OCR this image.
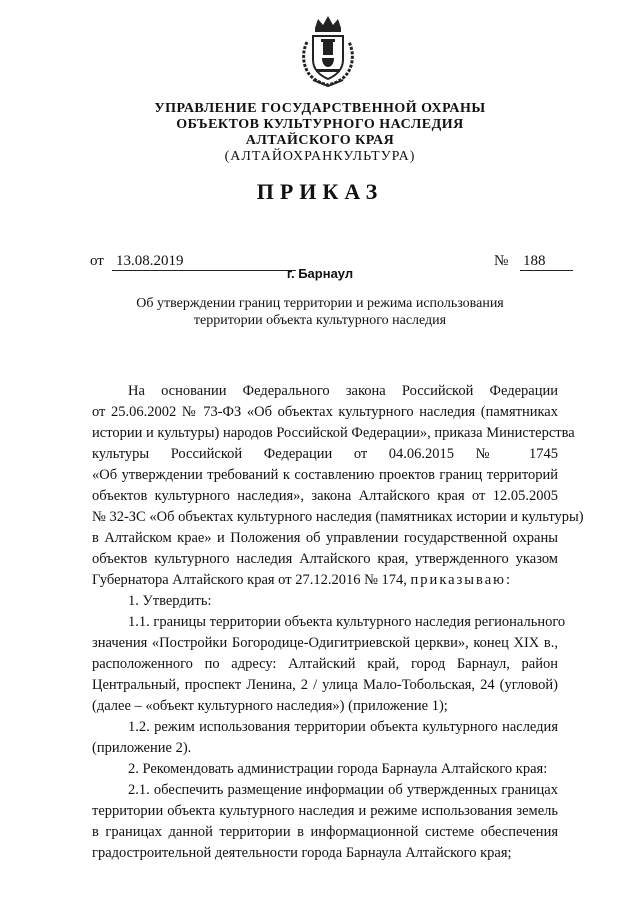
УПРАВЛЕНИЕ ГОСУДАРСТВЕННОЙ ОХРАНЫ
ОБЪЕКТОВ КУЛЬТУРНОГО НАСЛЕДИЯ
АЛТАЙСКОГО КРАЯ
(АЛТАЙОХРАНКУЛЬТУРА)
ПРИКАЗ
от 13.08.2019	№ 188
г. Барнаул
Об утверждении границ территории и режима использования
территории объекта культурного наследия
На основании Федерального закона Российской Федерации
от 25.06.2002 № 73-ФЗ «Об объектах культурного наследия (памятниках
истории и культуры) народов Российской Федерации», приказа Министерства
культуры Российской Федерации от 04.06.2015 № 1745
«Об утверждении требований к составлению проектов границ территорий
объектов культурного наследия», закона Алтайского края от 12.05.2005
№ 32-ЗС «Об объектах культурного наследия (памятниках истории и культуры)
в Алтайском крае» и Положения об управлении государственной охраны
объектов культурного наследия Алтайского края, утвержденного указом
Губернатора Алтайского края от 27.12.2016 № 174, приказываю:
1. Утвердить:
1.1. границы территории объекта культурного наследия регионального
значения «Постройки Богородице-Одигитриевской церкви», конец XIX в.,
расположенного по адресу: Алтайский край, город Барнаул, район
Центральный, проспект Ленина, 2 / улица Мало-Тобольская, 24 (угловой)
(далее – «объект культурного наследия») (приложение 1);
1.2. режим использования территории объекта культурного наследия
(приложение 2).
2. Рекомендовать администрации города Барнаула Алтайского края:
2.1. обеспечить размещение информации об утвержденных границах
территории объекта культурного наследия и режиме использования земель
в границах данной территории в информационной системе обеспечения
градостроительной деятельности города Барнаула Алтайского края;
